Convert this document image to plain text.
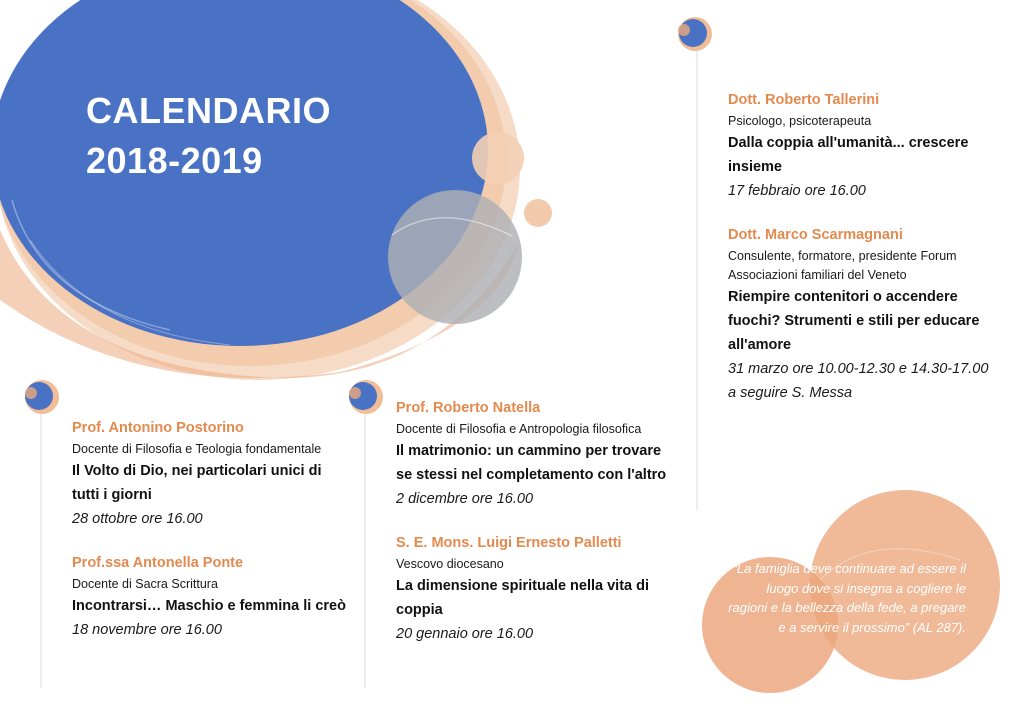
CALENDARIO
2018-2019
Prof. Antonino Postorino
Docente di Filosofia e Teologia fondamentale
Il Volto di Dio, nei particolari unici di tutti i giorni
28 ottobre ore 16.00
Prof.ssa Antonella Ponte
Docente di Sacra Scrittura
Incontrarsi… Maschio e femmina li creò
18 novembre ore 16.00
Prof. Roberto Natella
Docente di Filosofia e Antropologia filosofica
Il matrimonio: un cammino per trovare se stessi nel completamento con l'altro
2 dicembre ore 16.00
S. E. Mons. Luigi Ernesto Palletti
Vescovo diocesano
La dimensione spirituale nella vita di coppia
20 gennaio ore 16.00
Dott. Roberto Tallerini
Psicologo, psicoterapeuta
Dalla coppia all'umanità... crescere insieme
17 febbraio ore 16.00
Dott. Marco Scarmagnani
Consulente, formatore, presidente Forum Associazioni familiari del Veneto
Riempire contenitori o accendere fuochi? Strumenti e stili per educare all'amore
31 marzo ore 10.00-12.30 e 14.30-17.00
a seguire S. Messa

“La famiglia deve continuare ad essere il luogo dove si insegna a cogliere le ragioni e la bellezza della fede, a pregare e a servire il prossimo” (AL 287).
